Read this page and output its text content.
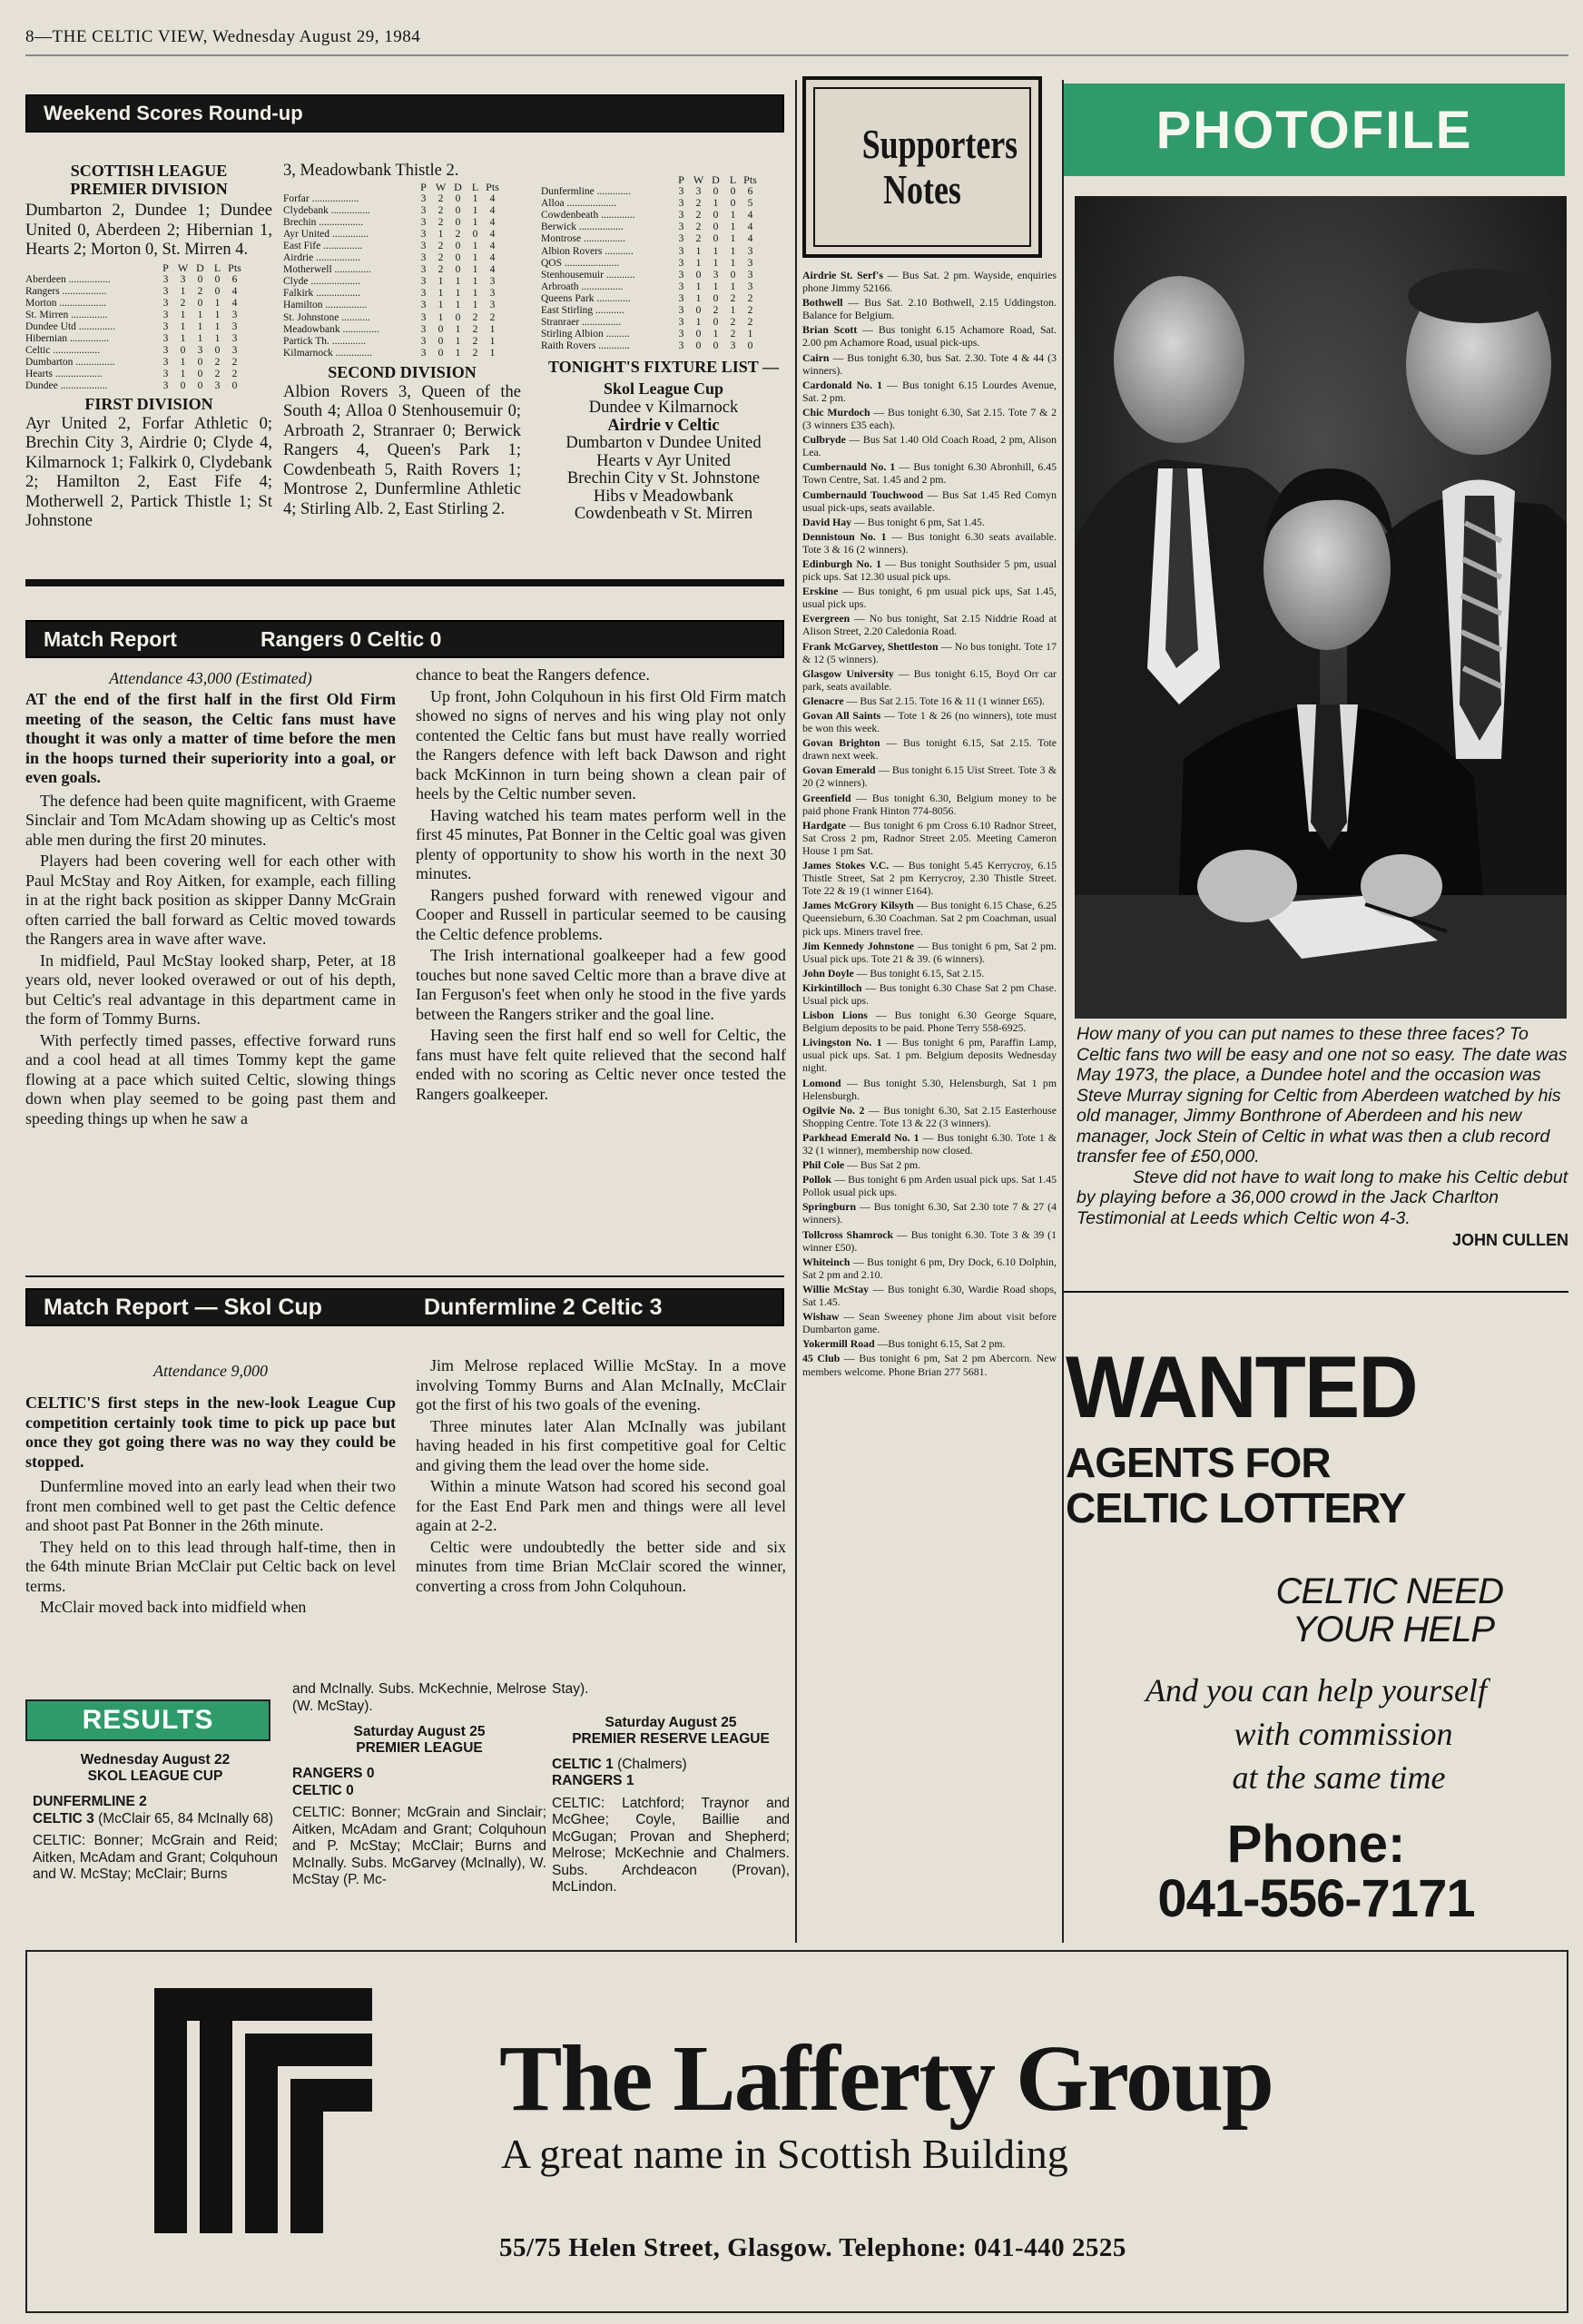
8—THE CELTIC VIEW, Wednesday August 29, 1984
Weekend Scores Round-up
SCOTTISH LEAGUE
PREMIER DIVISION
Dumbarton 2, Dundee 1; Dundee United 0, Aberdeen 2; Hibernian 1, Hearts 2; Morton 0, St. Mirren 4.
	P	W	D	L	Pts
Aberdeen ................	3	3	0	0	6
Rangers .................	3	1	2	0	4
Morton ..................	3	2	0	1	4
St. Mirren ..............	3	1	1	1	3
Dundee Utd ..............	3	1	1	1	3
Hibernian ...............	3	1	1	1	3
Celtic ..................	3	0	3	0	3
Dumbarton ...............	3	1	0	2	2
Hearts ..................	3	1	0	2	2
Dundee ..................	3	0	0	3	0
FIRST DIVISION
Ayr United 2, Forfar Athletic 0; Brechin City 3, Airdrie 0; Clyde 4, Kilmarnock 1; Falkirk 0, Clydebank 2; Hamilton 2, East Fife 4; Motherwell 2, Partick Thistle 1; St Johnstone
3, Meadowbank Thistle 2.
	P	W	D	L	Pts
Forfar ..................	3	2	0	1	4
Clydebank ...............	3	2	0	1	4
Brechin .................	3	2	0	1	4
Ayr United ..............	3	1	2	0	4
East Fife ...............	3	2	0	1	4
Airdrie .................	3	2	0	1	4
Motherwell ..............	3	2	0	1	4
Clyde ...................	3	1	1	1	3
Falkirk .................	3	1	1	1	3
Hamilton ................	3	1	1	1	3
St. Johnstone ...........	3	1	0	2	2
Meadowbank ..............	3	0	1	2	1
Partick Th. .............	3	0	1	2	1
Kilmarnock ..............	3	0	1	2	1
SECOND DIVISION
Albion Rovers 3, Queen of the South 4; Alloa 0 Stenhousemuir 0; Arbroath 2, Stranraer 0; Berwick Rangers 4, Queen's Park 1; Cowdenbeath 5, Raith Rovers 1; Montrose 2, Dunfermline Athletic 4; Stirling Alb. 2, East Stirling 2.
	P	W	D	L	Pts
Dunfermline .............	3	3	0	0	6
Alloa ...................	3	2	1	0	5
Cowdenbeath .............	3	2	0	1	4
Berwick .................	3	2	0	1	4
Montrose ................	3	2	0	1	4
Albion Rovers ...........	3	1	1	1	3
QOS .....................	3	1	1	1	3
Stenhousemuir ...........	3	0	3	0	3
Arbroath ................	3	1	1	1	3
Queens Park .............	3	1	0	2	2
East Stirling ...........	3	0	2	1	2
Stranraer ...............	3	1	0	2	2
Stirling Albion .........	3	0	1	2	1
Raith Rovers ............	3	0	0	3	0
TONIGHT'S FIXTURE LIST —
Skol League Cup
Dundee v Kilmarnock
Airdrie v Celtic
Dumbarton v Dundee United
Hearts v Ayr United
Brechin City v St. Johnstone
Hibs v Meadowbank
Cowdenbeath v St. Mirren
Match Report	Rangers 0 Celtic 0
Attendance 43,000 (Estimated)
AT the end of the first half in the first Old Firm meeting of the season, the Celtic fans must have thought it was only a matter of time before the men in the hoops turned their superiority into a goal, or even goals.

The defence had been quite magnificent, with Graeme Sinclair and Tom McAdam showing up as Celtic's most able men during the first 20 minutes.

Players had been covering well for each other with Paul McStay and Roy Aitken, for example, each filling in at the right back position as skipper Danny McGrain often carried the ball forward as Celtic moved towards the Rangers area in wave after wave.

In midfield, Paul McStay looked sharp, Peter, at 18 years old, never looked overawed or out of his depth, but Celtic's real advantage in this department came in the form of Tommy Burns.

With perfectly timed passes, effective forward runs and a cool head at all times Tommy kept the game flowing at a pace which suited Celtic, slowing things down when play seemed to be going past them and speeding things up when he saw a

chance to beat the Rangers defence.

Up front, John Colquhoun in his first Old Firm match showed no signs of nerves and his wing play not only contented the Celtic fans but must have really worried the Rangers defence with left back Dawson and right back McKinnon in turn being shown a clean pair of heels by the Celtic number seven.

Having watched his team mates perform well in the first 45 minutes, Pat Bonner in the Celtic goal was given plenty of opportunity to show his worth in the next 30 minutes.

Rangers pushed forward with renewed vigour and Cooper and Russell in particular seemed to be causing the Celtic defence problems.

The Irish international goalkeeper had a few good touches but none saved Celtic more than a brave dive at Ian Ferguson's feet when only he stood in the five yards between the Rangers striker and the goal line.

Having seen the first half end so well for Celtic, the fans must have felt quite relieved that the second half ended with no scoring as Celtic never once tested the Rangers goalkeeper.

Match Report — Skol Cup	Dunfermline 2 Celtic 3
Attendance 9,000
CELTIC'S first steps in the new-look League Cup competition certainly took time to pick up pace but once they got going there was no way they could be stopped.

Dunfermline moved into an early lead when their two front men combined well to get past the Celtic defence and shoot past Pat Bonner in the 26th minute.

They held on to this lead through half-time, then in the 64th minute Brian McClair put Celtic back on level terms.

McClair moved back into midfield when

Jim Melrose replaced Willie McStay. In a move involving Tommy Burns and Alan McInally, McClair got the first of his two goals of the evening.

Three minutes later Alan McInally was jubilant having headed in his first competitive goal for Celtic and giving them the lead over the home side.

Within a minute Watson had scored his second goal for the East End Park men and things were all level again at 2-2.

Celtic were undoubtedly the better side and six minutes from time Brian McClair scored the winner, converting a cross from John Colquhoun.

RESULTS
Wednesday August 22
SKOL LEAGUE CUP
DUNFERMLINE 2
CELTIC 3 (McClair 65, 84 McInally 68)
CELTIC: Bonner; McGrain and Reid; Aitken, McAdam and Grant; Colquhoun and W. McStay; McClair; Burns
and McInally. Subs. McKechnie, Melrose (W. McStay).
Saturday August 25
PREMIER LEAGUE
RANGERS 0
CELTIC 0
CELTIC: Bonner; McGrain and Sinclair; Aitken, McAdam and Grant; Colquhoun and P. McStay; McClair; Burns and McInally. Subs. McGarvey (McInally), W. McStay (P. Mc-
Stay).
Saturday August 25
PREMIER RESERVE LEAGUE
CELTIC 1 (Chalmers)
RANGERS 1
CELTIC: Latchford; Traynor and McGhee; Coyle, Baillie and McGugan; Provan and Shepherd; Melrose; McKechnie and Chalmers. Subs. Archdeacon (Provan), McLindon.
Supporters Notes

Airdrie St. Serf's — Bus Sat. 2 pm. Wayside, enquiries phone Jimmy 52166.

Bothwell — Bus Sat. 2.10 Bothwell, 2.15 Uddingston. Balance for Belgium.

Brian Scott — Bus tonight 6.15 Achamore Road, Sat. 2.00 pm Achamore Road, usual pick-ups.

Cairn — Bus tonight 6.30, bus Sat. 2.30. Tote 4 & 44 (3 winners).

Cardonald No. 1 — Bus tonight 6.15 Lourdes Avenue, Sat. 2 pm.

Chic Murdoch — Bus tonight 6.30, Sat 2.15. Tote 7 & 2 (3 winners £35 each).

Culbryde — Bus Sat 1.40 Old Coach Road, 2 pm, Alison Lea.

Cumbernauld No. 1 — Bus tonight 6.30 Abronhill, 6.45 Town Centre, Sat. 1.45 and 2 pm.

Cumbernauld Touchwood — Bus Sat 1.45 Red Comyn usual pick-ups, seats available.

David Hay — Bus tonight 6 pm, Sat 1.45.

Dennistoun No. 1 — Bus tonight 6.30 seats available. Tote 3 & 16 (2 winners).

Edinburgh No. 1 — Bus tonight Southsider 5 pm, usual pick ups. Sat 12.30 usual pick ups.

Erskine — Bus tonight, 6 pm usual pick ups, Sat 1.45, usual pick ups.

Evergreen — No bus tonight, Sat 2.15 Niddrie Road at Alison Street, 2.20 Caledonia Road.

Frank McGarvey, Shettleston — No bus tonight. Tote 17 & 12 (5 winners).

Glasgow University — Bus tonight 6.15, Boyd Orr car park, seats available.

Glenacre — Bus Sat 2.15. Tote 16 & 11 (1 winner £65).

Govan All Saints — Tote 1 & 26 (no winners), tote must be won this week.

Govan Brighton — Bus tonight 6.15, Sat 2.15. Tote drawn next week.

Govan Emerald — Bus tonight 6.15 Uist Street. Tote 3 & 20 (2 winners).

Greenfield — Bus tonight 6.30, Belgium money to be paid phone Frank Hinton 774-8056.

Hardgate — Bus tonight 6 pm Cross 6.10 Radnor Street, Sat Cross 2 pm, Radnor Street 2.05. Meeting Cameron House 1 pm Sat.

James Stokes V.C. — Bus tonight 5.45 Kerrycroy, 6.15 Thistle Street, Sat 2 pm Kerrycroy, 2.30 Thistle Street. Tote 22 & 19 (1 winner £164).

James McGrory Kilsyth — Bus tonight 6.15 Chase, 6.25 Queensieburn, 6.30 Coachman. Sat 2 pm Coachman, usual pick ups. Miners travel free.

Jim Kennedy Johnstone — Bus tonight 6 pm, Sat 2 pm. Usual pick ups. Tote 21 & 39. (6 winners).

John Doyle — Bus tonight 6.15, Sat 2.15.

Kirkintilloch — Bus tonight 6.30 Chase Sat 2 pm Chase. Usual pick ups.

Lisbon Lions — Bus tonight 6.30 George Square, Belgium deposits to be paid. Phone Terry 558-6925.

Livingston No. 1 — Bus tonight 6 pm, Paraffin Lamp, usual pick ups. Sat. 1 pm. Belgium deposits Wednesday night.

Lomond — Bus tonight 5.30, Helensburgh, Sat 1 pm Helensburgh.

Ogilvie No. 2 — Bus tonight 6.30, Sat 2.15 Easterhouse Shopping Centre. Tote 13 & 22 (3 winners).

Parkhead Emerald No. 1 — Bus tonight 6.30. Tote 1 & 32 (1 winner), membership now closed.

Phil Cole — Bus Sat 2 pm.

Pollok — Bus tonight 6 pm Arden usual pick ups. Sat 1.45 Pollok usual pick ups.

Springburn — Bus tonight 6.30, Sat 2.30 tote 7 & 27 (4 winners).

Tollcross Shamrock — Bus tonight 6.30. Tote 3 & 39 (1 winner £50).

Whiteinch — Bus tonight 6 pm, Dry Dock, 6.10 Dolphin, Sat 2 pm and 2.10.

Willie McStay — Bus tonight 6.30, Wardie Road shops, Sat 1.45.

Wishaw — Sean Sweeney phone Jim about visit before Dumbarton game.

Yokermill Road —Bus tonight 6.15, Sat 2 pm.

45 Club — Bus tonight 6 pm, Sat 2 pm Abercorn. New members welcome. Phone Brian 277 5681.

PHOTOFILE
How many of you can put names to these three faces? To Celtic fans two will be easy and one not so easy. The date was May 1973, the place, a Dundee hotel and the occasion was Steve Murray signing for Celtic from Aberdeen watched by his old manager, Jimmy Bonthrone of Aberdeen and his new manager, Jock Stein of Celtic in what was then a club record transfer fee of £50,000.
Steve did not have to wait long to make his Celtic debut by playing before a 36,000 crowd in the Jack Charlton Testimonial at Leeds which Celtic won 4-3.
JOHN CULLEN
WANTED
AGENTS FOR
CELTIC LOTTERY
CELTIC NEED
YOUR HELP
And you can help yourself
with commission
at the same time
Phone:
041-556-7171
The Lafferty Group
A great name in Scottish Building
55/75 Helen Street, Glasgow. Telephone: 041-440 2525
